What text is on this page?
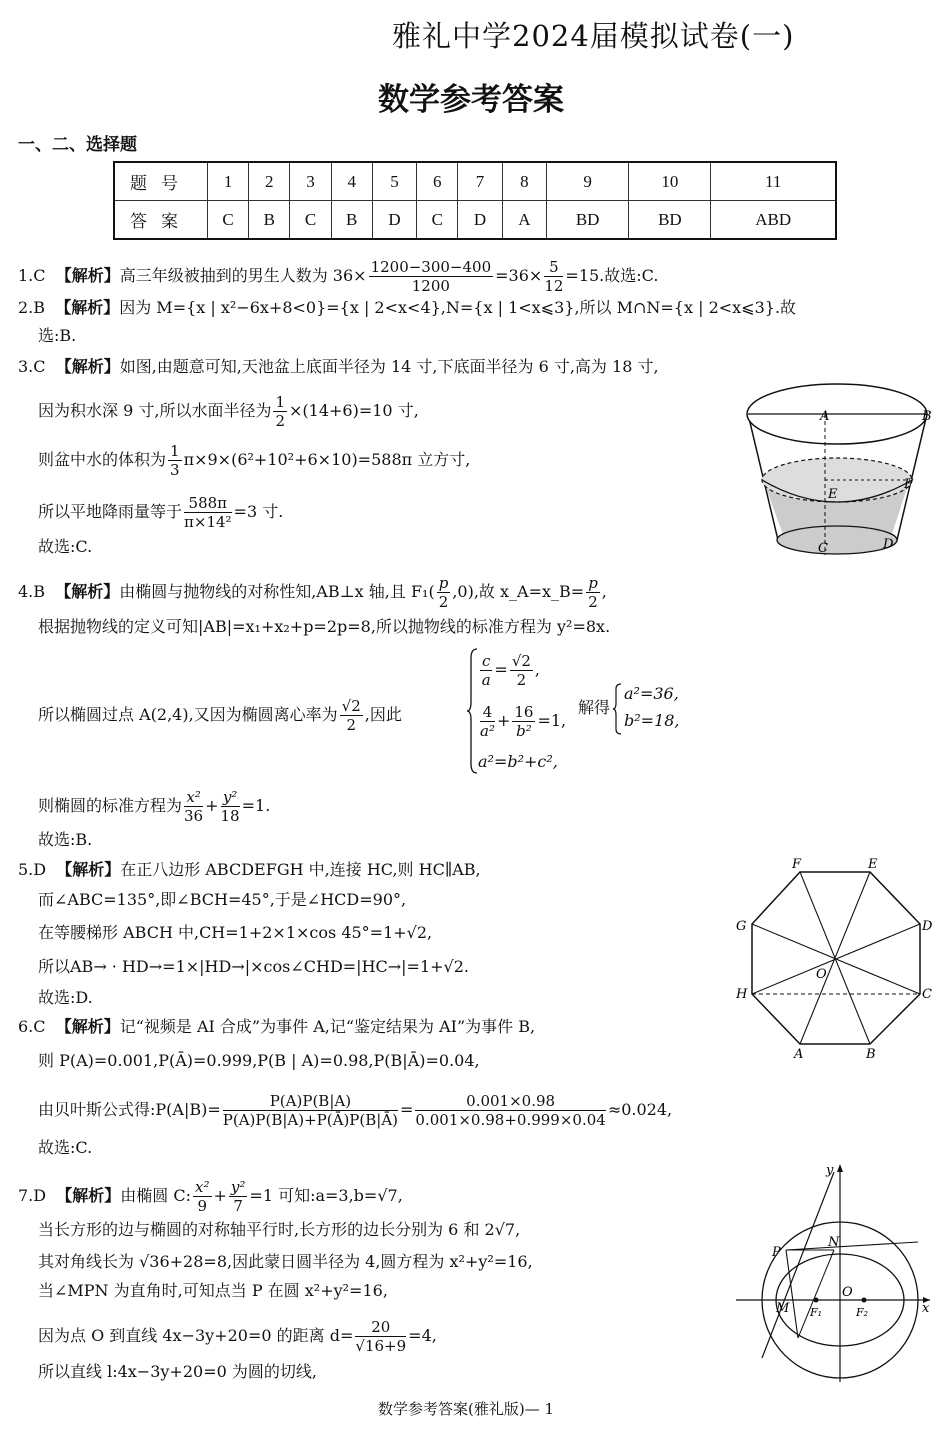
雅礼中学2024届模拟试卷(一)
数学参考答案
一、二、选择题
题号	1	2	3	4	5	6	7	8	9	10	11
答案	C	B	C	B	D	C	D	A	BD	BD	ABD
1.C 【解析】高三年级被抽到的男生人数为 $36\times \frac{1200-300-400}{1200} =36\times \frac{5}{12} =15$.故选:C.
2.B 【解析】因为 M={x | x²−6x+8<0}={x | 2<x<4},N={x | 1<x⩽3},所以 M∩N={x | 2<x⩽3}.故
选:B.
3.C 【解析】如图,由题意可知,天池盆上底面半径为 14 寸,下底面半径为 6 寸,高为 18 寸,
因为积水深 9 寸,所以水面半径为 $\frac{1}{2} \times(14+6)=10$ 寸,
则盆中水的体积为 $\frac{1}{3} \pi\times 9\times(6^2+10^2+6\times 10)=588\pi$ 立方寸,
所以平地降雨量等于 $\frac{588\pi}{\text{π×14²}} =3$ 寸.
故选:C.
A	B
E
F
C	D
4.B 【解析】由椭圆与抛物线的对称性知,AB⊥x 轴,且 $F_1( \frac{p}{2} ,0)$,故 x_A=x_B= $\frac{p}{2}$ ,
根据抛物线的定义可知|AB|=x₁+x₂+p=2p=8,所以抛物线的标准方程为 y²=8x.
所以椭圆过点 A(2,4),又因为椭圆离心率为 $\frac{√2}{2}$ ,因此
$\frac{c}{a} = \frac{√2}{2}$ ,
$\frac{4}{\text{a²}} + \frac{16}{\text{b²}} =1$,
a²=b²+c²,
解得
a²=36,
b²=18,
则椭圆的标准方程为 $\frac{\text{x²}}{36} + \frac{\text{y²}}{18} =1$.
故选:B.
5.D 【解析】在正八边形 ABCDEFGH 中,连接 HC,则 HC∥AB,
而∠ABC=135°,即∠BCH=45°,于是∠HCD=90°,
在等腰梯形 ABCH 中,CH=1+2×1×cos 45°=1+√2,
所以AB→ · HD→=1×|HD→|×cos∠CHD=|HC→|=1+√2.
故选:D.
F	E
G	D
O
H	C
A	B
6.C 【解析】记“视频是 AI 合成”为事件 A,记“鉴定结果为 AI”为事件 B,
则 P(A)=0.001,P(Ā)=0.999,P(B | A)=0.98,P(B|Ā)=0.04,
由贝叶斯公式得:P(A|B)= $\frac{P(A)P(B|A)}{P(A)P(B|A)+P(Ā)P(B|Ā)} = \frac{0.001\times 0.98}{0.001\times 0.98+0.999\times 0.04} \approx 0.024$,
故选:C.
7.D 【解析】由椭圆 C: $\frac{\text{x²}}{9} + \frac{\text{y²}}{7} =1$ 可知:a=3,b=√7,
当长方形的边与椭圆的对称轴平行时,长方形的边长分别为 6 和 2√7,
其对角线长为 √36+28=8,因此蒙日圆半径为 4,圆方程为 x²+y²=16,
当∠MPN 为直角时,可知点当 P 在圆 x²+y²=16,
因为点 O 到直线 4x−3y+20=0 的距离 $d= \frac{20}{√16+9} =4$,
所以直线 l:4x−3y+20=0 为圆的切线,
y
N
P
O
M F₁	F₂	x
数学参考答案(雅礼版)— 1
